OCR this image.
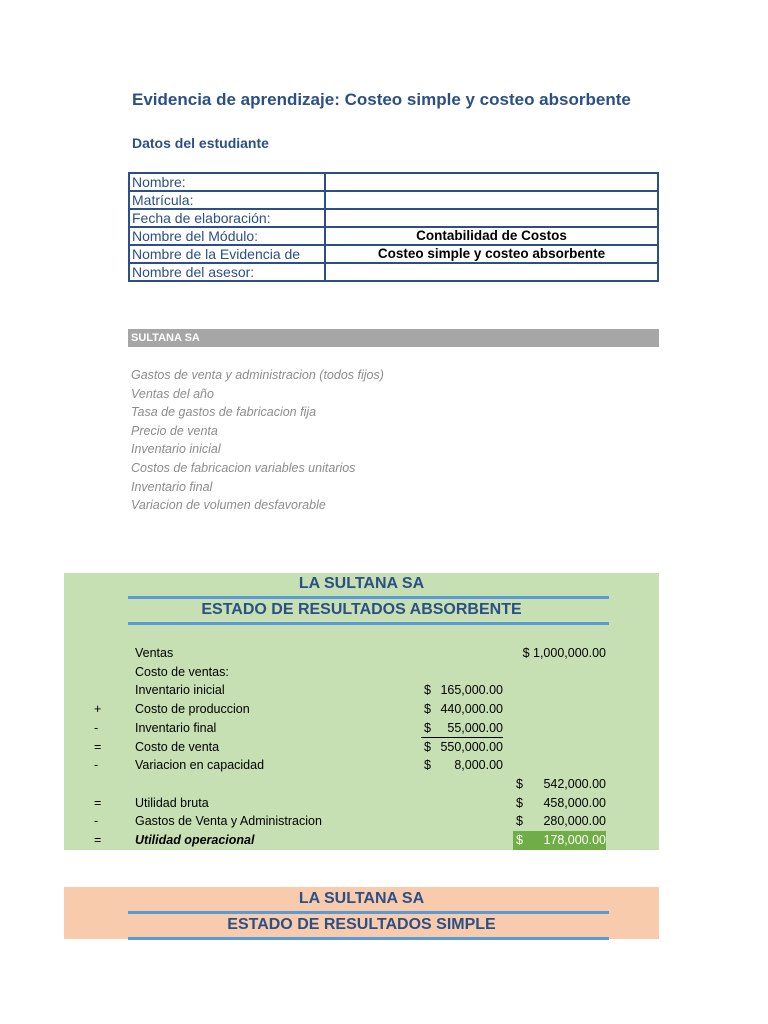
Evidencia de aprendizaje: Costeo simple y costeo absorbente
Datos del estudiante
Nombre:	
Matrícula:	
Fecha de elaboración:	
Nombre del Módulo:	Contabilidad de Costos
Nombre de la Evidencia de	Costeo simple y costeo absorbente
Nombre del asesor:	
SULTANA SA
Gastos de venta y administracion (todos fijos)
Ventas del año
Tasa de gastos de fabricacion fija
Precio de venta
Inventario inicial
Costos de fabricacion variables unitarios
Inventario final
Variacion de volumen desfavorable
LA SULTANA SA
ESTADO DE RESULTADOS ABSORBENTE
Ventas	$ 1,000,000.00
Costo de ventas:
Inventario inicial	$ 165,000.00
+	Costo de produccion	$ 440,000.00
-	Inventario final	$ 55,000.00
=	Costo de venta	$ 550,000.00
-	Variacion en capacidad	$ 8,000.00
$ 542,000.00
=	Utilidad bruta	$ 458,000.00
-	Gastos de Venta y Administracion	$ 280,000.00
=	Utilidad operacional	$ 178,000.00
LA SULTANA SA
ESTADO DE RESULTADOS SIMPLE
